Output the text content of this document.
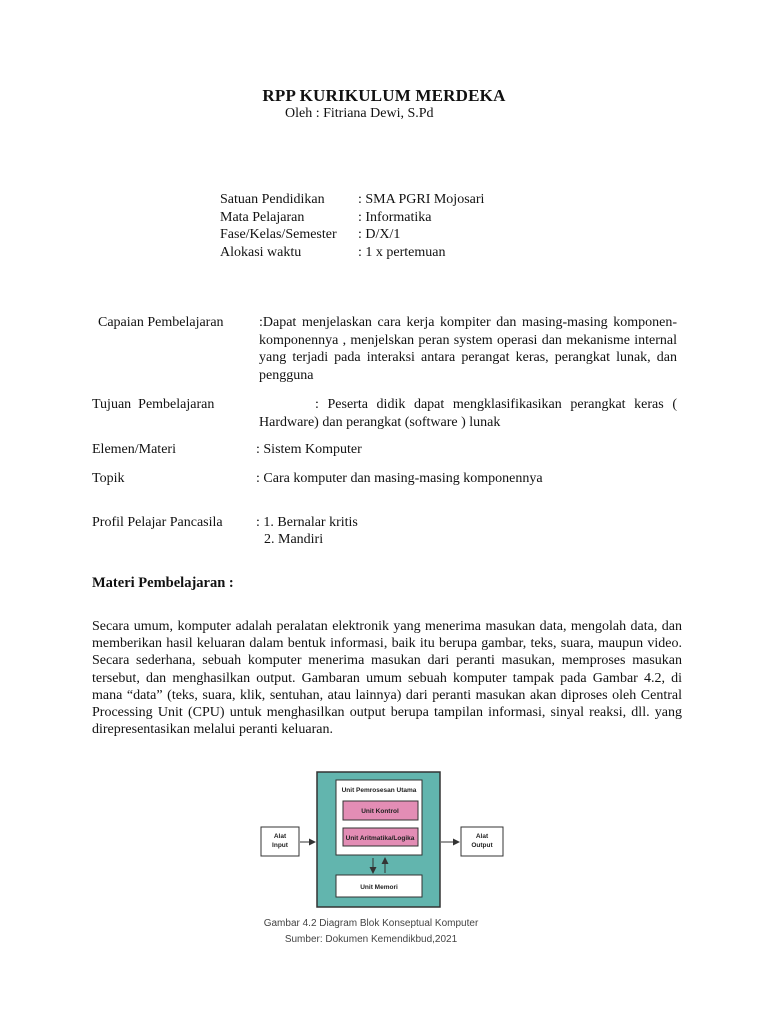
RPP KURIKULUM MERDEKA
Oleh : Fitriana Dewi, S.Pd
Satuan Pendidikan	: SMA PGRI Mojosari
Mata Pelajaran	: Informatika
Fase/Kelas/Semester	: D/X/1
Alokasi waktu	: 1 x pertemuan
Capaian Pembelajaran	:Dapat menjelaskan cara kerja kompiter dan masing-masing komponen-komponennya , menjelskan peran system operasi dan mekanisme internal yang terjadi pada interaksi antara perangat keras, perangkat lunak, dan pengguna
Tujuan  Pembelajaran	: Peserta didik dapat mengklasifikasikan perangkat keras ( Hardware) dan perangkat (software ) lunak
Elemen/Materi	: Sistem Komputer
Topik	: Cara komputer dan masing-masing komponennya
Profil Pelajar Pancasila : 1. Bernalar kritis
2. Mandiri
Materi Pembelajaran :
Secara umum, komputer adalah peralatan elektronik yang menerima masukan data, mengolah data, dan memberikan hasil keluaran dalam bentuk informasi, baik itu berupa gambar, teks, suara, maupun video. Secara sederhana, sebuah komputer menerima masukan dari peranti masukan, memproses masukan tersebut, dan menghasilkan output. Gambaran umum sebuah komputer tampak pada Gambar 4.2, di mana “data” (teks, suara, klik, sentuhan, atau lainnya) dari peranti masukan akan diproses oleh Central Processing Unit (CPU) untuk menghasilkan output berupa tampilan informasi, sinyal reaksi, dll. yang direpresentasikan melalui peranti keluaran.
Unit Pemrosesan Utama
Unit Kontrol
Unit Aritmatika/Logika
Unit Memori
Alat
Input
Alat
Output
Gambar 4.2 Diagram Blok Konseptual Komputer
Sumber: Dokumen Kemendikbud,2021
